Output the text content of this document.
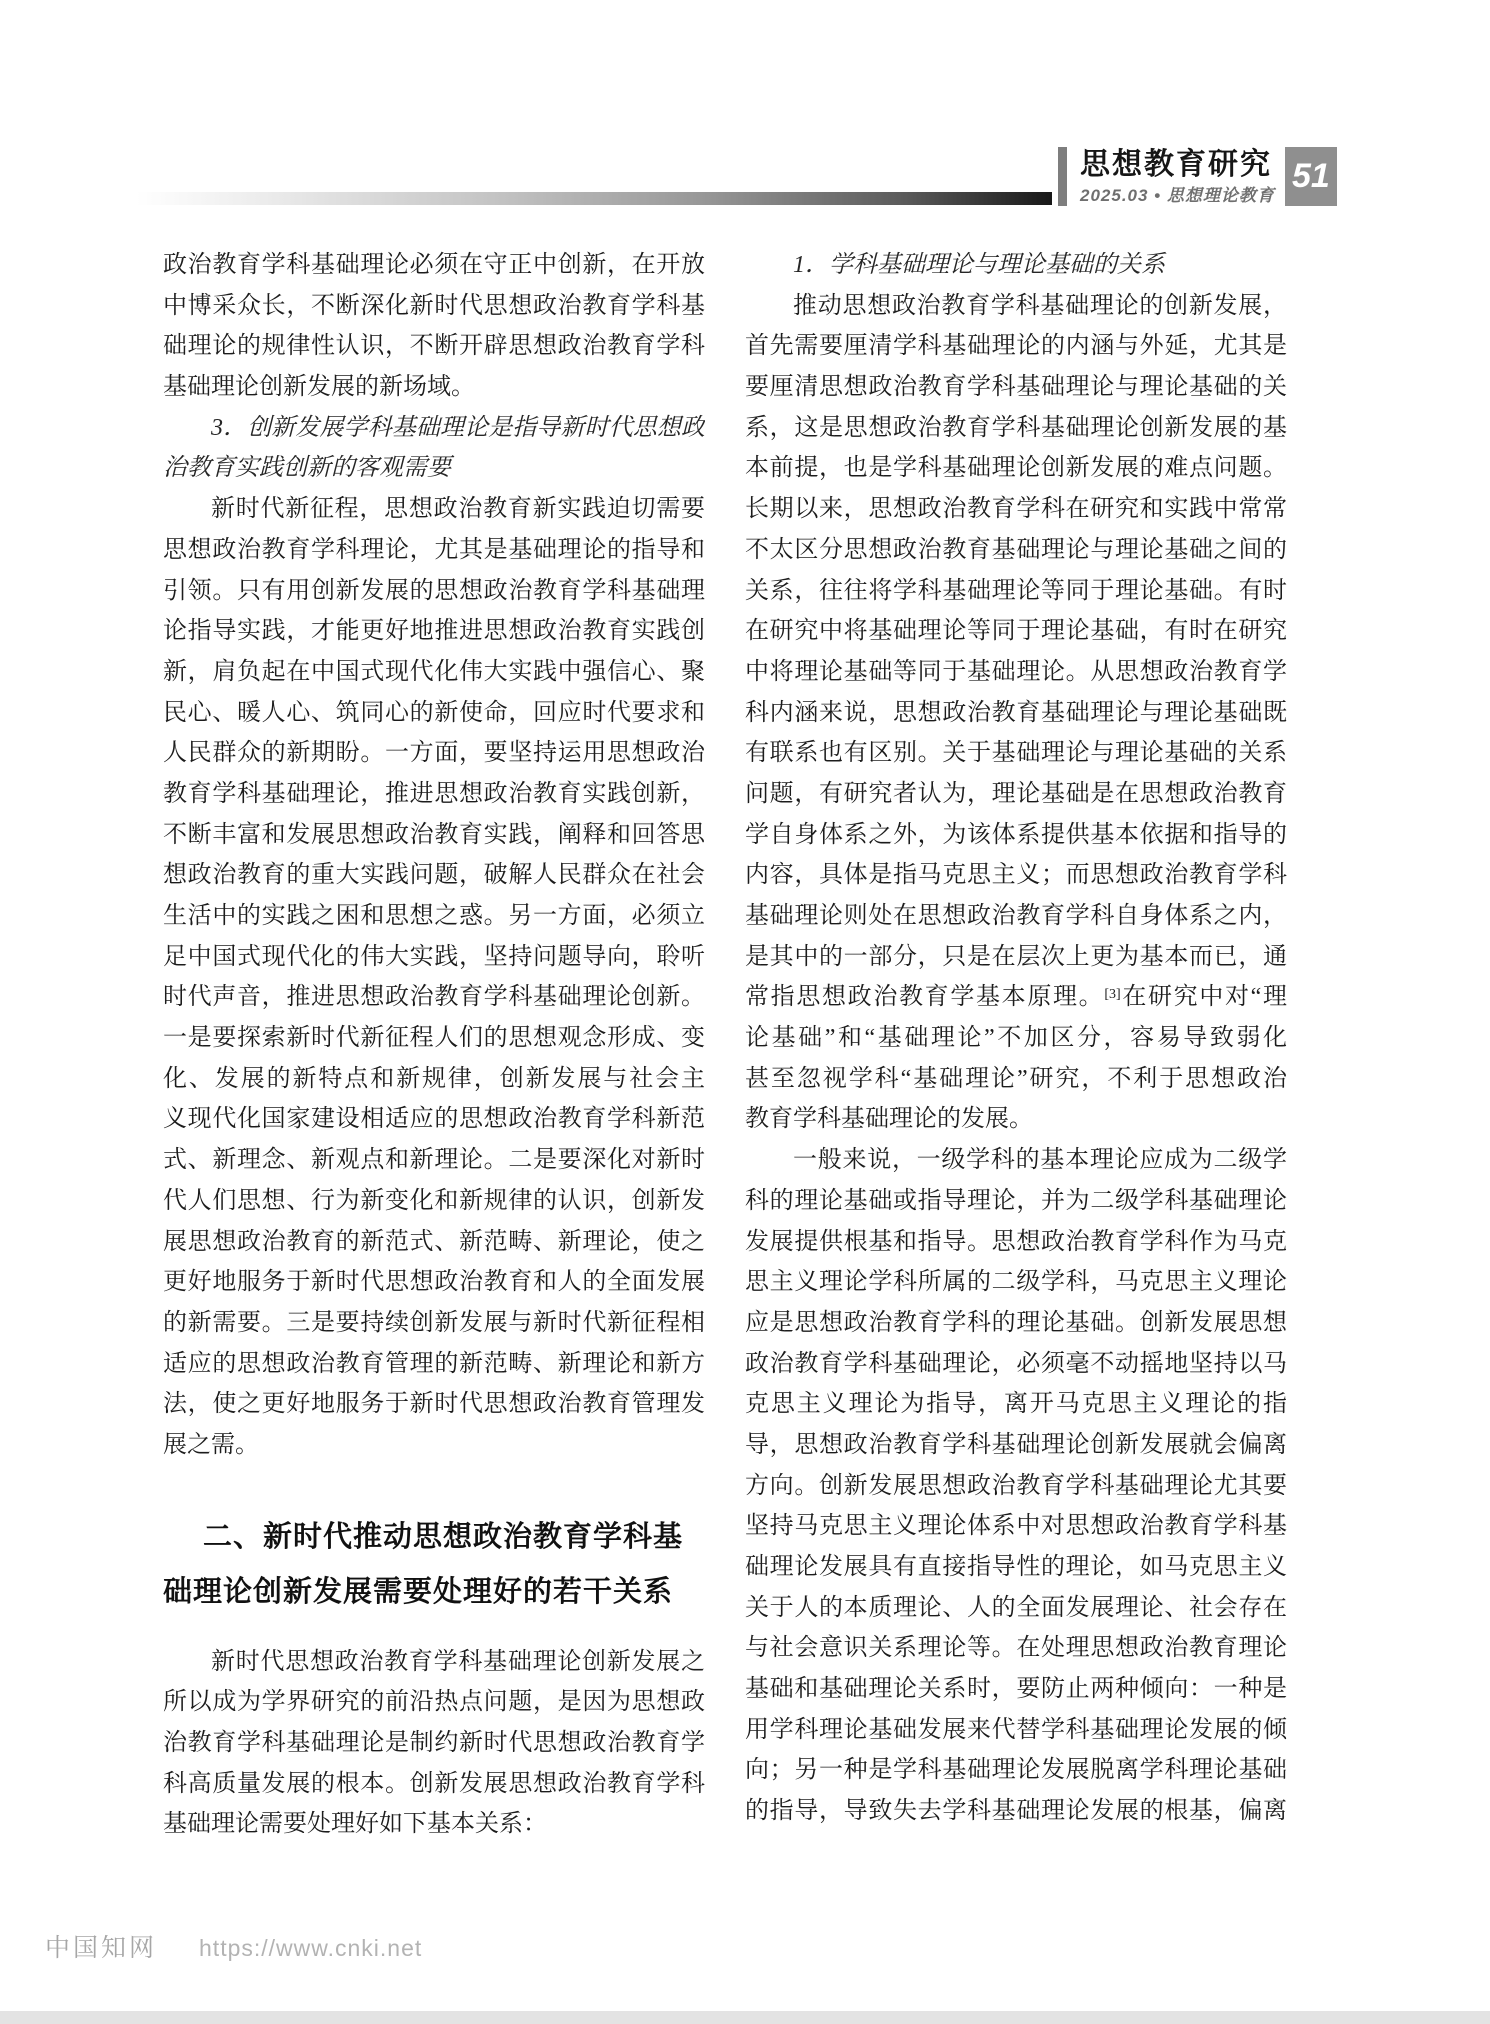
思想教育研究
2025.03 • 思想理论教育
51
政治教育学科基础理论必须在守正中创新，在开放
中博采众长，不断深化新时代思想政治教育学科基
础理论的规律性认识，不断开辟思想政治教育学科
基础理论创新发展的新场域。
3．创新发展学科基础理论是指导新时代思想政
治教育实践创新的客观需要
新时代新征程，思想政治教育新实践迫切需要
思想政治教育学科理论，尤其是基础理论的指导和
引领。只有用创新发展的思想政治教育学科基础理
论指导实践，才能更好地推进思想政治教育实践创
新，肩负起在中国式现代化伟大实践中强信心、聚
民心、暖人心、筑同心的新使命，回应时代要求和
人民群众的新期盼。一方面，要坚持运用思想政治
教育学科基础理论，推进思想政治教育实践创新，
不断丰富和发展思想政治教育实践，阐释和回答思
想政治教育的重大实践问题，破解人民群众在社会
生活中的实践之困和思想之惑。另一方面，必须立
足中国式现代化的伟大实践，坚持问题导向，聆听
时代声音，推进思想政治教育学科基础理论创新。
一是要探索新时代新征程人们的思想观念形成、变
化、发展的新特点和新规律，创新发展与社会主
义现代化国家建设相适应的思想政治教育学科新范
式、新理念、新观点和新理论。二是要深化对新时
代人们思想、行为新变化和新规律的认识，创新发
展思想政治教育的新范式、新范畴、新理论，使之
更好地服务于新时代思想政治教育和人的全面发展
的新需要。三是要持续创新发展与新时代新征程相
适应的思想政治教育管理的新范畴、新理论和新方
法，使之更好地服务于新时代思想政治教育管理发
展之需。
二、新时代推动思想政治教育学科基
础理论创新发展需要处理好的若干关系
新时代思想政治教育学科基础理论创新发展之
所以成为学界研究的前沿热点问题，是因为思想政
治教育学科基础理论是制约新时代思想政治教育学
科高质量发展的根本。创新发展思想政治教育学科
基础理论需要处理好如下基本关系：
1．学科基础理论与理论基础的关系
推动思想政治教育学科基础理论的创新发展，
首先需要厘清学科基础理论的内涵与外延，尤其是
要厘清思想政治教育学科基础理论与理论基础的关
系，这是思想政治教育学科基础理论创新发展的基
本前提，也是学科基础理论创新发展的难点问题。
长期以来，思想政治教育学科在研究和实践中常常
不太区分思想政治教育基础理论与理论基础之间的
关系，往往将学科基础理论等同于理论基础。有时
在研究中将基础理论等同于理论基础，有时在研究
中将理论基础等同于基础理论。从思想政治教育学
科内涵来说，思想政治教育基础理论与理论基础既
有联系也有区别。关于基础理论与理论基础的关系
问题，有研究者认为，理论基础是在思想政治教育
学自身体系之外，为该体系提供基本依据和指导的
内容，具体是指马克思主义；而思想政治教育学科
基础理论则处在思想政治教育学科自身体系之内，
是其中的一部分，只是在层次上更为基本而已，通
常指思想政治教育学基本原理。[3]在研究中对“理
论基础”和“基础理论”不加区分，容易导致弱化
甚至忽视学科“基础理论”研究，不利于思想政治
教育学科基础理论的发展。
一般来说，一级学科的基本理论应成为二级学
科的理论基础或指导理论，并为二级学科基础理论
发展提供根基和指导。思想政治教育学科作为马克
思主义理论学科所属的二级学科，马克思主义理论
应是思想政治教育学科的理论基础。创新发展思想
政治教育学科基础理论，必须毫不动摇地坚持以马
克思主义理论为指导，离开马克思主义理论的指
导，思想政治教育学科基础理论创新发展就会偏离
方向。创新发展思想政治教育学科基础理论尤其要
坚持马克思主义理论体系中对思想政治教育学科基
础理论发展具有直接指导性的理论，如马克思主义
关于人的本质理论、人的全面发展理论、社会存在
与社会意识关系理论等。在处理思想政治教育理论
基础和基础理论关系时，要防止两种倾向：一种是
用学科理论基础发展来代替学科基础理论发展的倾
向；另一种是学科基础理论发展脱离学科理论基础
的指导，导致失去学科基础理论发展的根基，偏离
中国知网 https://www.cnki.net
